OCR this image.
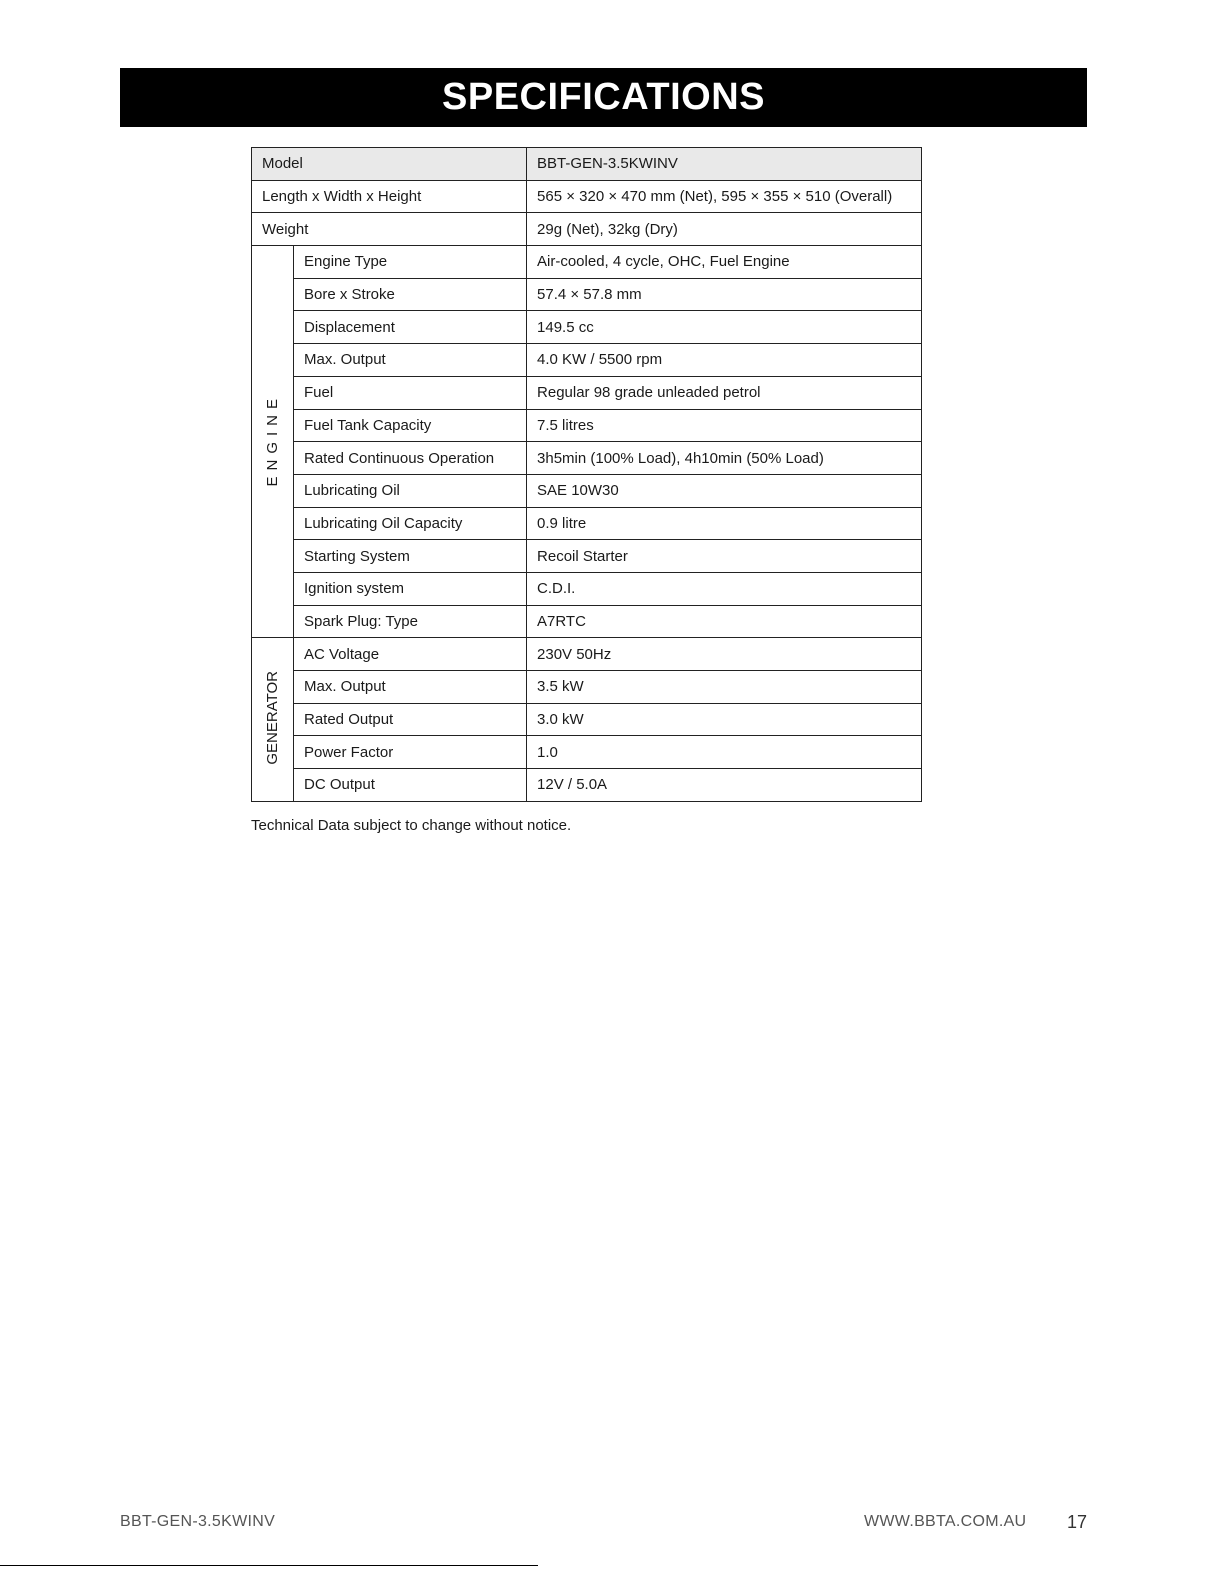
SPECIFICATIONS
Model		BBT-GEN-3.5KWINV
Length x Width x Height		565 × 320 × 470 mm (Net), 595 × 355 × 510 (Overall)
Weight		29g (Net), 32kg (Dry)
ENGINE	Engine Type	Air-cooled, 4 cycle, OHC, Fuel Engine
	Bore x Stroke	57.4 × 57.8 mm
	Displacement	149.5 cc
	Max. Output	4.0 KW / 5500 rpm
	Fuel	Regular 98 grade unleaded petrol
	Fuel Tank Capacity	7.5 litres
	Rated Continuous Operation	3h5min (100% Load), 4h10min (50% Load)
	Lubricating Oil	SAE 10W30
	Lubricating Oil Capacity	0.9 litre
	Starting System	Recoil Starter
	Ignition system	C.D.I.
	Spark Plug: Type	A7RTC
GENERATOR	AC Voltage	230V 50Hz
	Max. Output	3.5 kW
	Rated Output	3.0 kW
	Power Factor	1.0
	DC Output	12V / 5.0A
Technical Data subject to change without notice.
BBT-GEN-3.5KWINV	WWW.BBTA.COM.AU 17
